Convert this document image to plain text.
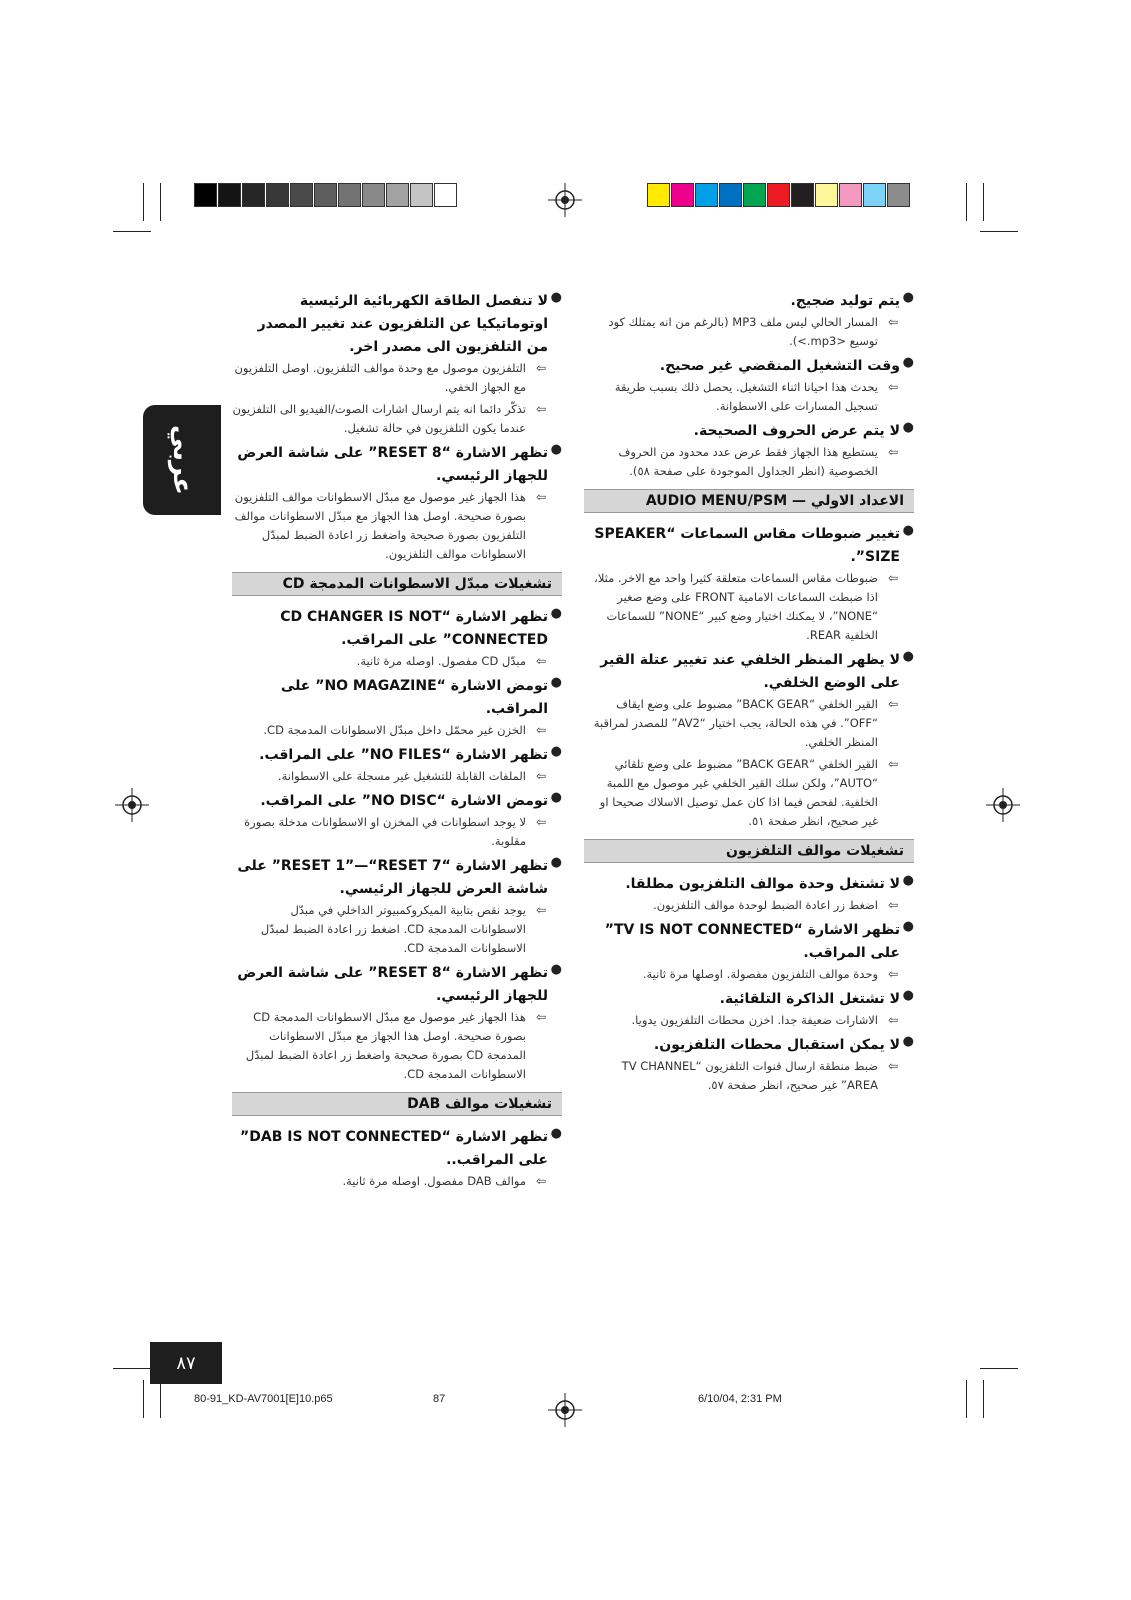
عربي
●
يتم توليد ضجيج.
⇦
المسار الحالي ليس ملف MP3 (بالرغم من انه يمتلك كود توسيع <mp3.>).
●
وقت التشغيل المنقضي غير صحيح.
⇦
يحدث هذا احيانا اثناء التشغيل. يحصل ذلك بسبب طريقة تسجيل المسارات على الاسطوانة.
●
لا يتم عرض الحروف الصحيحة.
⇦
يستطيع هذا الجهاز فقط عرض عدد محدود من الحروف الخصوصية (انظر الجداول الموجودة على صفحة ٥٨).
الاعداد الاولي — AUDIO MENU/PSM
●
تغيير ضبوطات مقاس السماعات “SPEAKER SIZE”.
⇦
ضبوطات مقاس السماعات متعلقة كثيرا واحد مع الاخر. مثلا، اذا ضبطت السماعات الامامية FRONT على وضع صغير “NONE”، لا يمكنك اختيار وضع كبير “NONE” للسماعات الخلفية REAR.
●
لا يظهر المنظر الخلفي عند تغيير عتلة القير على الوضع الخلفي.
⇦
القير الخلفي “BACK GEAR” مضبوط على وضع ايقاف “OFF”. في هذه الحالة، يجب اختيار “AV2” للمصدر لمراقبة المنظر الخلفي.
⇦
القير الخلفي “BACK GEAR” مضبوط على وضع تلقائي “AUTO”، ولكن سلك القير الخلفي غير موصول مع اللمبة الخلفية. لفحص فيما اذا كان عمل توصيل الاسلاك صحيحا او غير صحيح، انظر صفحة ٥١.
تشغيلات موالف التلفزيون
●
لا تشتغل وحدة موالف التلفزيون مطلقا.
⇦
اضغط زر اعادة الضبط لوحدة موالف التلفزيون.
●
تظهر الاشارة “TV IS NOT CONNECTED” على المراقب.
⇦
وحدة موالف التلفزيون مفصولة. اوصلها مرة ثانية.
●
لا تشتغل الذاكرة التلقائية.
⇦
الاشارات ضعيفة جدا. اخزن محطات التلفزيون يدويا.
●
لا يمكن استقبال محطات التلفزيون.
⇦
ضبط منطقة ارسال قنوات التلفزيون “TV CHANNEL AREA” غير صحيح، انظر صفحة ٥٧.
●
لا تنفصل الطاقة الكهربائية الرئيسية اوتوماتيكيا عن التلفزيون عند تغيير المصدر من التلفزيون الى مصدر اخر.
⇦
التلفزيون موصول مع وحدة موالف التلفزيون. اوصل التلفزيون مع الجهاز الخفي.
⇦
تذكّر دائما انه يتم ارسال اشارات الصوت/الفيديو الى التلفزيون عندما يكون التلفزيون في حالة تشغيل.
●
تظهر الاشارة “RESET 8” على شاشة العرض للجهاز الرئيسي.
⇦
هذا الجهاز غير موصول مع مبدّل الاسطوانات موالف التلفزيون بصورة صحيحة. اوصل هذا الجهاز مع مبدّل الاسطوانات موالف التلفزيون بصورة صحيحة واضغط زر اعادة الضبط لمبدّل الاسطوانات موالف التلفزيون.
تشغيلات مبدّل الاسطوانات المدمجة CD
●
تظهر الاشارة “CD CHANGER IS NOT CONNECTED” على المراقب.
⇦
مبدّل CD مفصول. اوصله مرة ثانية.
●
تومض الاشارة “NO MAGAZINE” على المراقب.
⇦
الخزن غير محمّل داخل مبدّل الاسطوانات المدمجة CD.
●
تظهر الاشارة “NO FILES” على المراقب.
⇦
الملفات القابلة للتشغيل غير مسجلة على الاسطوانة.
●
تومض الاشارة “NO DISC” على المراقب.
⇦
لا يوجد اسطوانات في المخزن او الاسطوانات مدخلة بصورة مقلوبة.
●
تظهر الاشارة “RESET 1”—“RESET 7” على شاشة العرض للجهاز الرئيسي.
⇦
يوجد نقص بتابية الميكروكمبيوتر الداخلي في مبدّل الاسطوانات المدمجة CD. اضغط زر اعادة الضبط لمبدّل الاسطوانات المدمجة CD.
●
تظهر الاشارة “RESET 8” على شاشة العرض للجهاز الرئيسي.
⇦
هذا الجهاز غير موصول مع مبدّل الاسطوانات المدمجة CD بصورة صحيحة. اوصل هذا الجهاز مع مبدّل الاسطوانات المدمجة CD بصورة صحيحة واضغط زر اعادة الضبط لمبدّل الاسطوانات المدمجة CD.
تشغيلات موالف DAB
●
تظهر الاشارة “DAB IS NOT CONNECTED” على المراقب..
⇦
موالف DAB مفصول. اوصله مرة ثانية.
٨٧
80-91_KD-AV7001[E]10.p65	87	6/10/04, 2:31 PM
